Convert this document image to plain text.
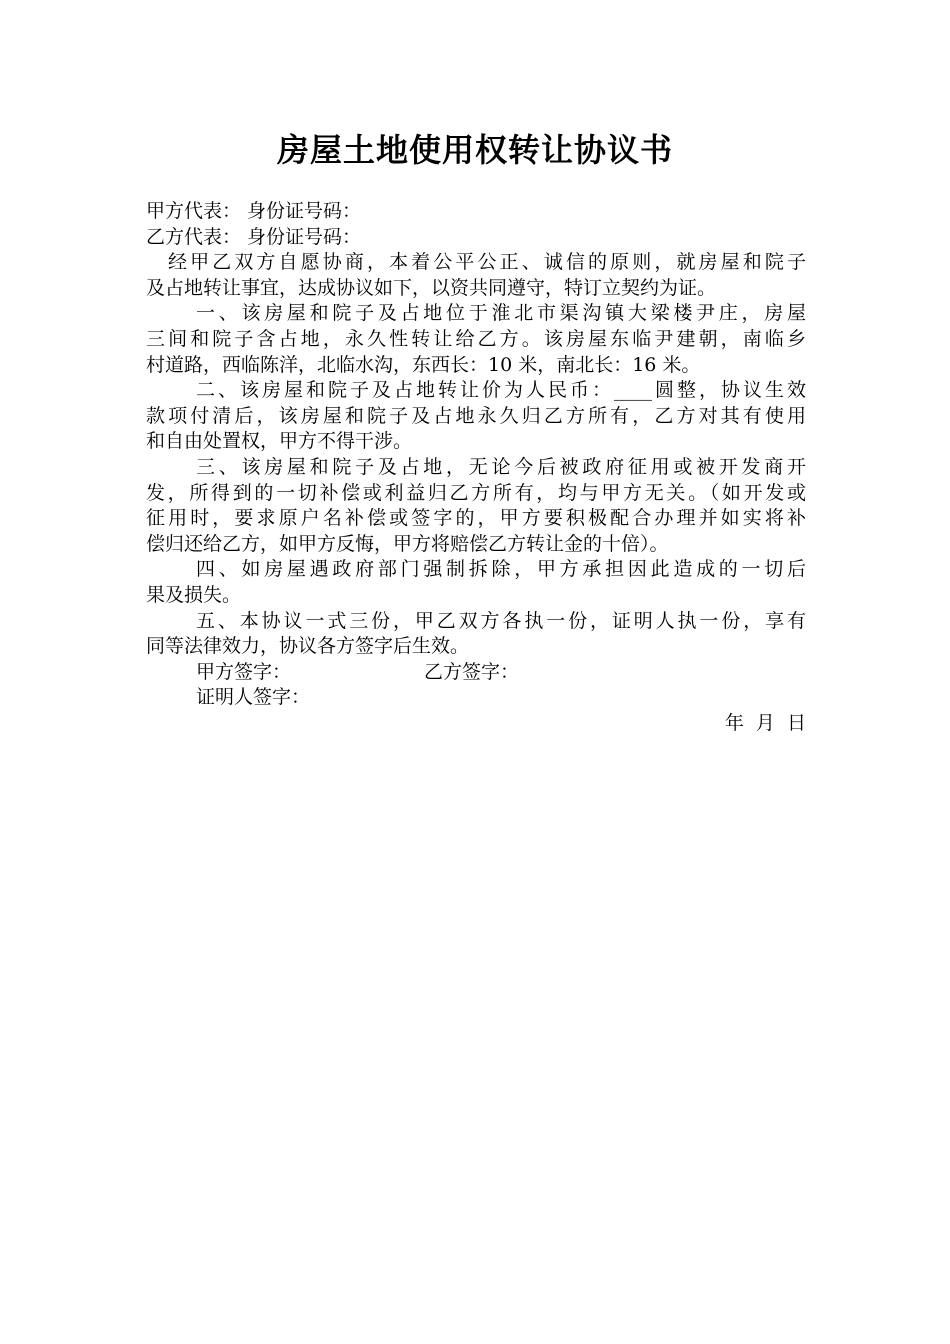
房屋土地使用权转让协议书
甲方代表： 身份证号码：
乙方代表： 身份证号码：
经甲乙双方自愿协商，本着公平公正、诚信的原则，就房屋和院子
及占地转让事宜，达成协议如下，以资共同遵守，特订立契约为证。
一、该房屋和院子及占地位于淮北市渠沟镇大梁楼尹庄，房屋
三间和院子含占地，永久性转让给乙方。该房屋东临尹建朝，南临乡
村道路，西临陈洋，北临水沟，东西长：10 米，南北长：16 米。
二、该房屋和院子及占地转让价为人民币：____圆整，协议生效
款项付清后，该房屋和院子及占地永久归乙方所有，乙方对其有使用
和自由处置权，甲方不得干涉。
三、该房屋和院子及占地，无论今后被政府征用或被开发商开
发，所得到的一切补偿或利益归乙方所有，均与甲方无关。（如开发或
征用时，要求原户名补偿或签字的，甲方要积极配合办理并如实将补
偿归还给乙方，如甲方反悔，甲方将赔偿乙方转让金的十倍）。
四、如房屋遇政府部门强制拆除，甲方承担因此造成的一切后
果及损失。
五、本协议一式三份，甲乙双方各执一份，证明人执一份，享有
同等法律效力，协议各方签字后生效。
甲方签字：	乙方签字：
证明人签字：
年  月  日
